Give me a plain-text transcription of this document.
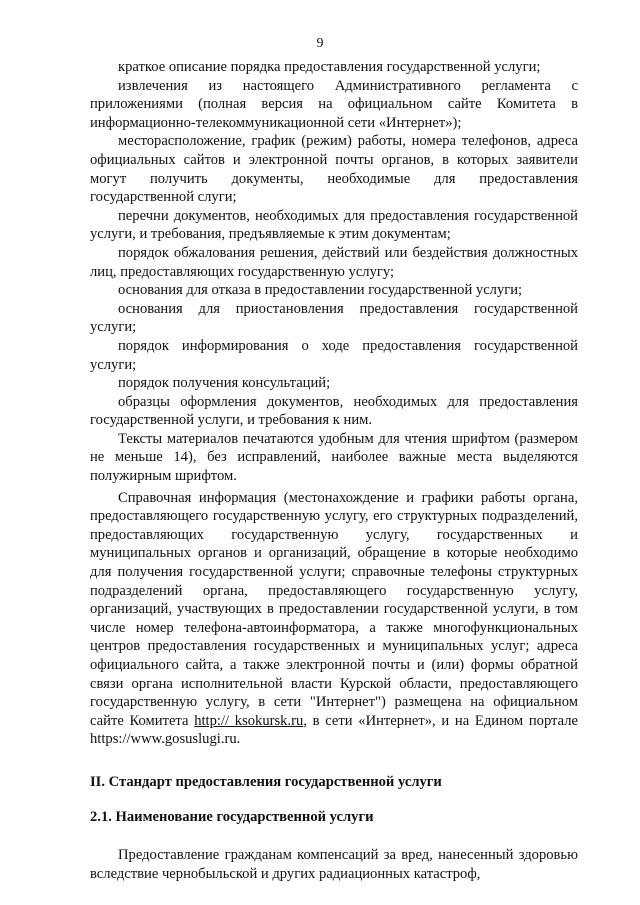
9

краткое описание порядка предоставления государственной услуги;

извлечения из настоящего Административного регламента с приложениями (полная версия на официальном сайте Комитета в информационно-телекоммуникационной сети «Интернет»);

месторасположение, график (режим) работы, номера телефонов, адреса официальных сайтов и электронной почты органов, в которых заявители могут получить документы, необходимые для предоставления государственной слуги;

перечни документов, необходимых для предоставления государственной услуги, и требования, предъявляемые к этим документам;

порядок обжалования решения, действий или бездействия должностных лиц, предоставляющих государственную услугу;

основания для отказа в предоставлении государственной услуги;

основания для приостановления предоставления государственной услуги;

порядок информирования о ходе предоставления государственной услуги;

порядок получения консультаций;

образцы оформления документов, необходимых для предоставления государственной услуги, и требования к ним.

Тексты материалов печатаются удобным для чтения шрифтом (размером не меньше 14), без исправлений, наиболее важные места выделяются полужирным шрифтом.

Справочная информация (местонахождение и графики работы органа, предоставляющего государственную услугу, его структурных подразделений, предоставляющих государственную услугу, государственных и муниципальных органов и организаций, обращение в которые необходимо для получения государственной услуги; справочные телефоны структурных подразделений органа, предоставляющего государственную услугу, организаций, участвующих в предоставлении государственной услуги, в том числе номер телефона-автоинформатора, а также многофункциональных центров предоставления государственных и муниципальных услуг; адреса официального сайта, а также электронной почты и (или) формы обратной связи органа исполнительной власти Курской области, предоставляющего государственную услугу, в сети "Интернет") размещена на официальном сайте Комитета http:// ksokursk.ru, в сети «Интернет», и на Едином портале https://www.gosuslugi.ru.

II. Стандарт предоставления государственной услуги

2.1. Наименование государственной услуги

Предоставление гражданам компенсаций за вред, нанесенный здоровью вследствие чернобыльской и других радиационных катастроф,
